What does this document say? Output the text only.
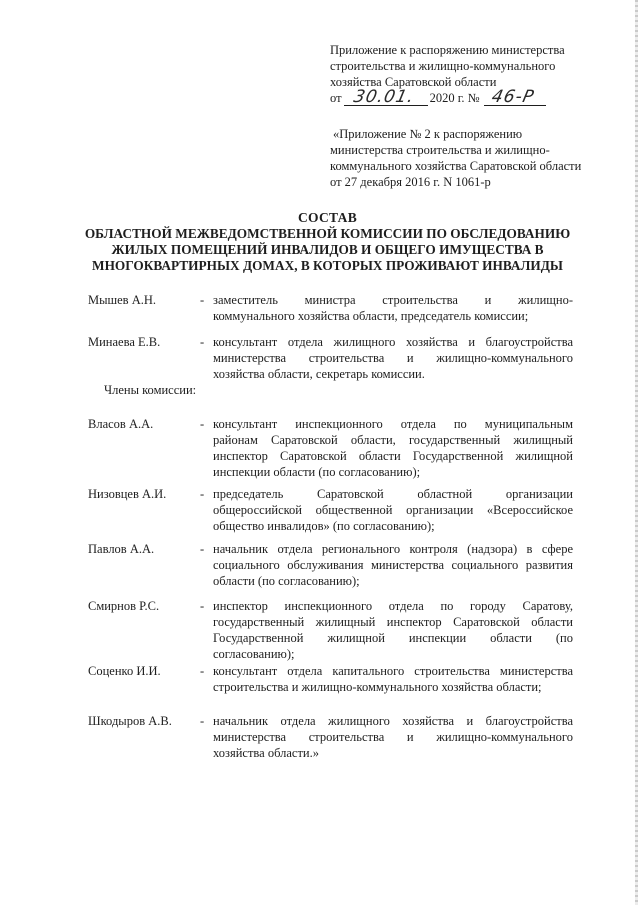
Приложение к распоряжению министерства
строительства и жилищно-коммунального
хозяйства Саратовской области
от 30.01. 2020 г. № 46-Р
«Приложение № 2 к распоряжению
министерства строительства и жилищно-
коммунального хозяйства Саратовской области
от 27 декабря 2016 г. N 1061-р
СОСТАВ
ОБЛАСТНОЙ МЕЖВЕДОМСТВЕННОЙ КОМИССИИ ПО ОБСЛЕДОВАНИЮ
ЖИЛЫХ ПОМЕЩЕНИЙ ИНВАЛИДОВ И ОБЩЕГО ИМУЩЕСТВА В
МНОГОКВАРТИРНЫХ ДОМАХ, В КОТОРЫХ ПРОЖИВАЮТ ИНВАЛИДЫ
Мышев А.Н.	- заместитель министра строительства и жилищно-
коммунального хозяйства области, председатель комиссии;
Минаева Е.В.	- консультант отдела жилищного хозяйства и благоустройства
министерства строительства и жилищно-коммунального
хозяйства области, секретарь комиссии.
Члены комиссии:
Власов А.А.	- консультант инспекционного отдела по муниципальным
районам Саратовской области, государственный жилищный
инспектор Саратовской области Государственной жилищной
инспекции области (по согласованию);
Низовцев А.И.	- председатель Саратовской областной организации
общероссийской общественной организации «Всероссийское
общество инвалидов» (по согласованию);
Павлов А.А.	- начальник отдела регионального контроля (надзора) в сфере
социального обслуживания министерства социального развития
области (по согласованию);
Смирнов Р.С.	- инспектор инспекционного отдела по городу Саратову,
государственный жилищный инспектор Саратовской области
Государственной жилищной инспекции области (по
согласованию);
Соценко И.И.	- консультант отдела капитального строительства министерства
строительства и жилищно-коммунального хозяйства области;
Шкодыров А.В. - начальник отдела жилищного хозяйства и благоустройства
министерства строительства и жилищно-коммунального
хозяйства области.»
